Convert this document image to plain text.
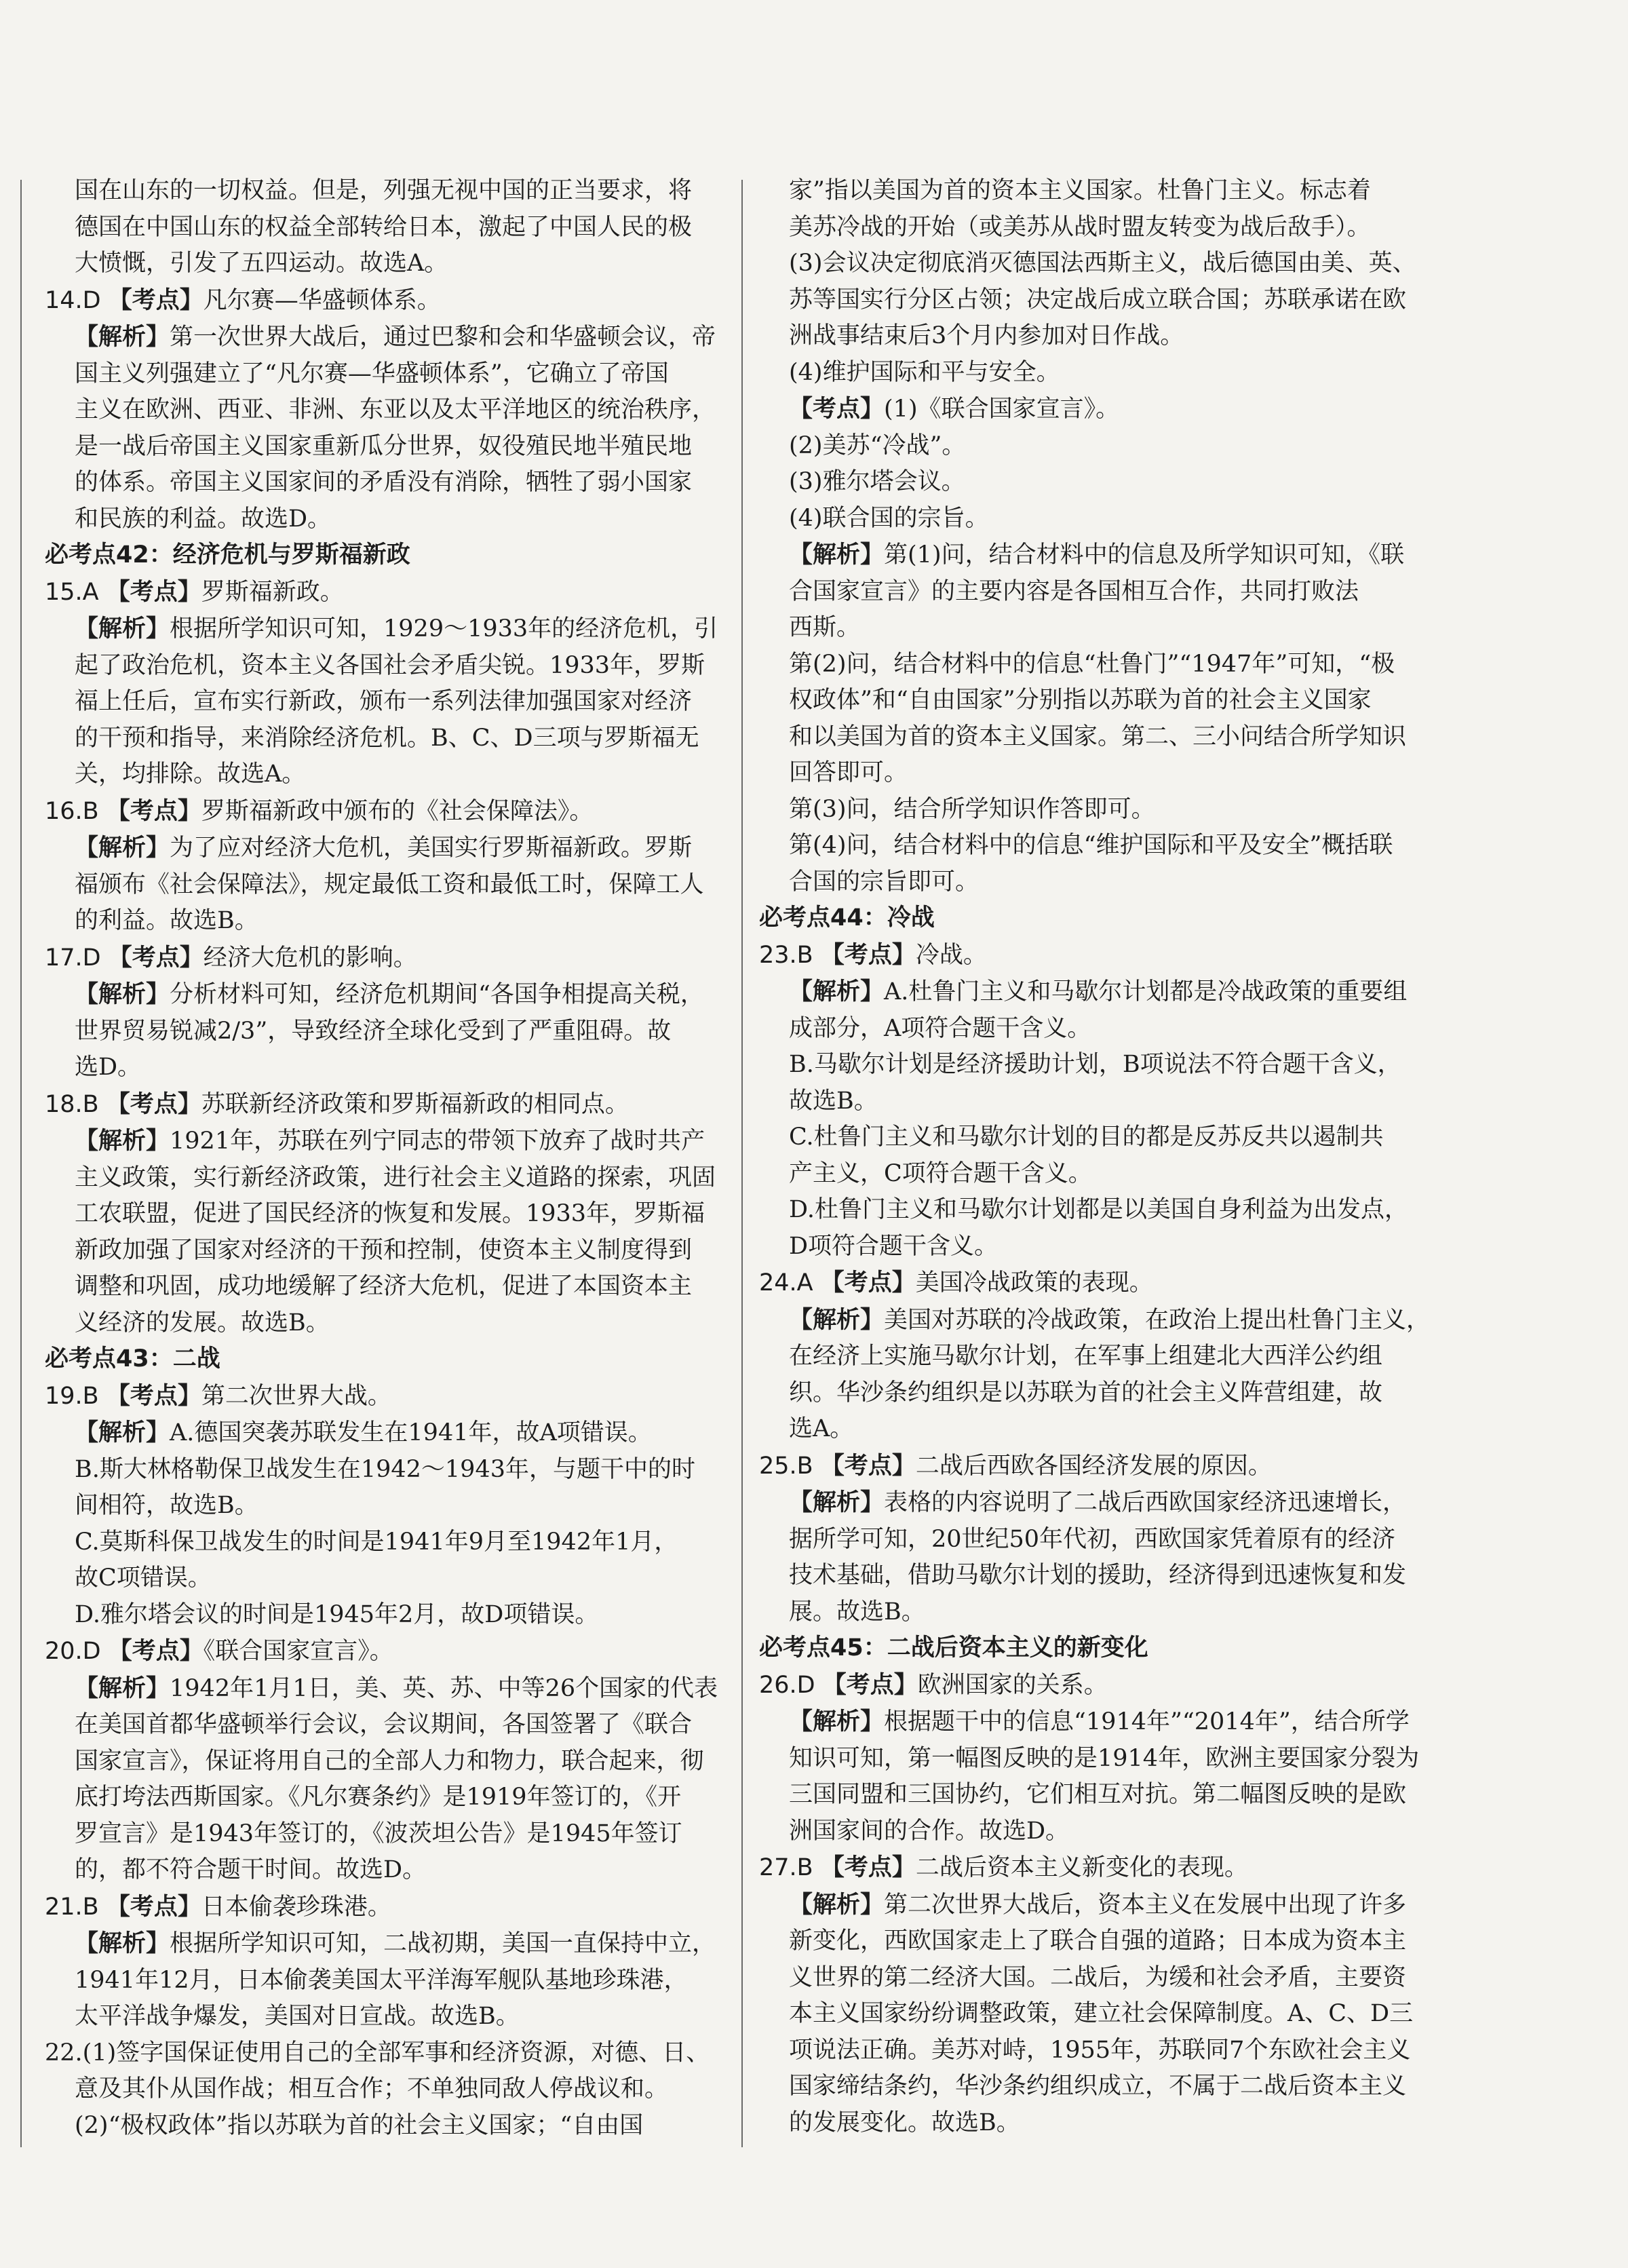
国在山东的一切权益。但是，列强无视中国的正当要求，将
德国在中国山东的权益全部转给日本，激起了中国人民的极
大愤慨，引发了五四运动。故选A。
14.D 【考点】凡尔赛—华盛顿体系。
【解析】第一次世界大战后，通过巴黎和会和华盛顿会议，帝
国主义列强建立了“凡尔赛—华盛顿体系”，它确立了帝国
主义在欧洲、西亚、非洲、东亚以及太平洋地区的统治秩序，
是一战后帝国主义国家重新瓜分世界，奴役殖民地半殖民地
的体系。帝国主义国家间的矛盾没有消除，牺牲了弱小国家
和民族的利益。故选D。
必考点42：经济危机与罗斯福新政
15.A 【考点】罗斯福新政。
【解析】根据所学知识可知，1929～1933年的经济危机，引
起了政治危机，资本主义各国社会矛盾尖锐。1933年，罗斯
福上任后，宣布实行新政，颁布一系列法律加强国家对经济
的干预和指导，来消除经济危机。B、C、D三项与罗斯福无
关，均排除。故选A。
16.B 【考点】罗斯福新政中颁布的《社会保障法》。
【解析】为了应对经济大危机，美国实行罗斯福新政。罗斯
福颁布《社会保障法》，规定最低工资和最低工时，保障工人
的利益。故选B。
17.D 【考点】经济大危机的影响。
【解析】分析材料可知，经济危机期间“各国争相提高关税，
世界贸易锐减2/3”，导致经济全球化受到了严重阻碍。故
选D。
18.B 【考点】苏联新经济政策和罗斯福新政的相同点。
【解析】1921年，苏联在列宁同志的带领下放弃了战时共产
主义政策，实行新经济政策，进行社会主义道路的探索，巩固
工农联盟，促进了国民经济的恢复和发展。1933年，罗斯福
新政加强了国家对经济的干预和控制，使资本主义制度得到
调整和巩固，成功地缓解了经济大危机，促进了本国资本主
义经济的发展。故选B。
必考点43：二战
19.B 【考点】第二次世界大战。
【解析】A.德国突袭苏联发生在1941年，故A项错误。
B.斯大林格勒保卫战发生在1942～1943年，与题干中的时
间相符，故选B。
C.莫斯科保卫战发生的时间是1941年9月至1942年1月，
故C项错误。
D.雅尔塔会议的时间是1945年2月，故D项错误。
20.D 【考点】《联合国家宣言》。
【解析】1942年1月1日，美、英、苏、中等26个国家的代表
在美国首都华盛顿举行会议，会议期间，各国签署了《联合
国家宣言》，保证将用自己的全部人力和物力，联合起来，彻
底打垮法西斯国家。《凡尔赛条约》是1919年签订的，《开
罗宣言》是1943年签订的，《波茨坦公告》是1945年签订
的，都不符合题干时间。故选D。
21.B 【考点】日本偷袭珍珠港。
【解析】根据所学知识可知，二战初期，美国一直保持中立，
1941年12月，日本偷袭美国太平洋海军舰队基地珍珠港，
太平洋战争爆发，美国对日宣战。故选B。
22.(1)签字国保证使用自己的全部军事和经济资源，对德、日、
意及其仆从国作战；相互合作；不单独同敌人停战议和。
(2)“极权政体”指以苏联为首的社会主义国家；“自由国
家”指以美国为首的资本主义国家。杜鲁门主义。标志着
美苏冷战的开始（或美苏从战时盟友转变为战后敌手）。
(3)会议决定彻底消灭德国法西斯主义，战后德国由美、英、
苏等国实行分区占领；决定战后成立联合国；苏联承诺在欧
洲战事结束后3个月内参加对日作战。
(4)维护国际和平与安全。
【考点】(1)《联合国家宣言》。
(2)美苏“冷战”。
(3)雅尔塔会议。
(4)联合国的宗旨。
【解析】第(1)问，结合材料中的信息及所学知识可知，《联
合国家宣言》的主要内容是各国相互合作，共同打败法
西斯。
第(2)问，结合材料中的信息“杜鲁门”“1947年”可知，“极
权政体”和“自由国家”分别指以苏联为首的社会主义国家
和以美国为首的资本主义国家。第二、三小问结合所学知识
回答即可。
第(3)问，结合所学知识作答即可。
第(4)问，结合材料中的信息“维护国际和平及安全”概括联
合国的宗旨即可。
必考点44：冷战
23.B 【考点】冷战。
【解析】A.杜鲁门主义和马歇尔计划都是冷战政策的重要组
成部分，A项符合题干含义。
B.马歇尔计划是经济援助计划，B项说法不符合题干含义，
故选B。
C.杜鲁门主义和马歇尔计划的目的都是反苏反共以遏制共
产主义，C项符合题干含义。
D.杜鲁门主义和马歇尔计划都是以美国自身利益为出发点，
D项符合题干含义。
24.A 【考点】美国冷战政策的表现。
【解析】美国对苏联的冷战政策，在政治上提出杜鲁门主义，
在经济上实施马歇尔计划，在军事上组建北大西洋公约组
织。华沙条约组织是以苏联为首的社会主义阵营组建，故
选A。
25.B 【考点】二战后西欧各国经济发展的原因。
【解析】表格的内容说明了二战后西欧国家经济迅速增长，
据所学可知，20世纪50年代初，西欧国家凭着原有的经济
技术基础，借助马歇尔计划的援助，经济得到迅速恢复和发
展。故选B。
必考点45：二战后资本主义的新变化
26.D 【考点】欧洲国家的关系。
【解析】根据题干中的信息“1914年”“2014年”，结合所学
知识可知，第一幅图反映的是1914年，欧洲主要国家分裂为
三国同盟和三国协约，它们相互对抗。第二幅图反映的是欧
洲国家间的合作。故选D。
27.B 【考点】二战后资本主义新变化的表现。
【解析】第二次世界大战后，资本主义在发展中出现了许多
新变化，西欧国家走上了联合自强的道路；日本成为资本主
义世界的第二经济大国。二战后，为缓和社会矛盾，主要资
本主义国家纷纷调整政策，建立社会保障制度。A、C、D三
项说法正确。美苏对峙，1955年，苏联同7个东欧社会主义
国家缔结条约，华沙条约组织成立，不属于二战后资本主义
的发展变化。故选B。
